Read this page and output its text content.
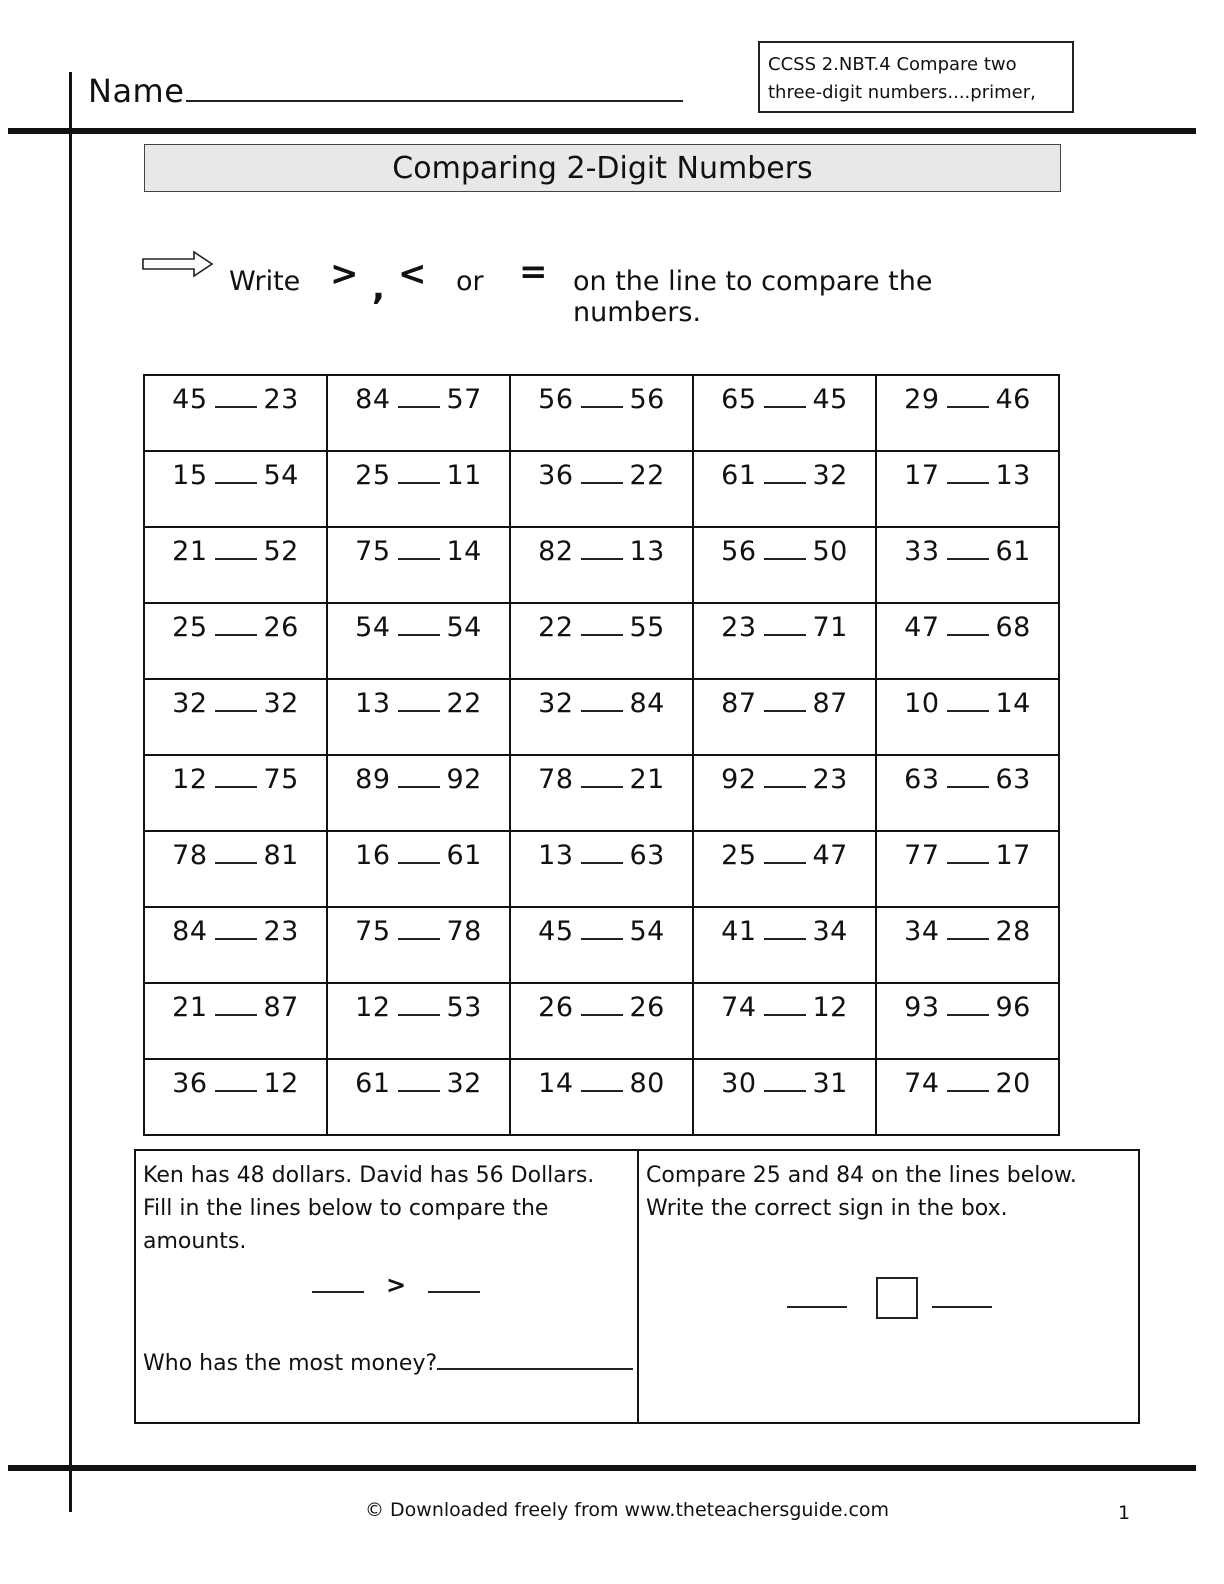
Name
CCSS 2.NBT.4 Compare two three-digit numbers....primer,
Comparing 2-Digit Numbers
Write > , < or = on the line to compare the numbers.
45 23	84 57	56 56	65 45	29 46

15 54	25 11	36 22	61 32	17 13

21 52	75 14	82 13	56 50	33 61

25 26	54 54	22 55	23 71	47 68

32 32	13 22	32 84	87 87	10 14

12 75	89 92	78 21	92 23	63 63

78 81	16 61	13 63	25 47	77 17

84 23	75 78	45 54	41 34	34 28

21 87	12 53	26 26	74 12	93 96

36 12	61 32	14 80	30 31	74 20
Ken has 48 dollars. David has 56 Dollars.
Fill in the lines below to compare the
amounts.
>
Who has the most money?
Compare 25 and 84 on the lines below.
Write the correct sign in the box.
© Downloaded freely from www.theteachersguide.com	1
